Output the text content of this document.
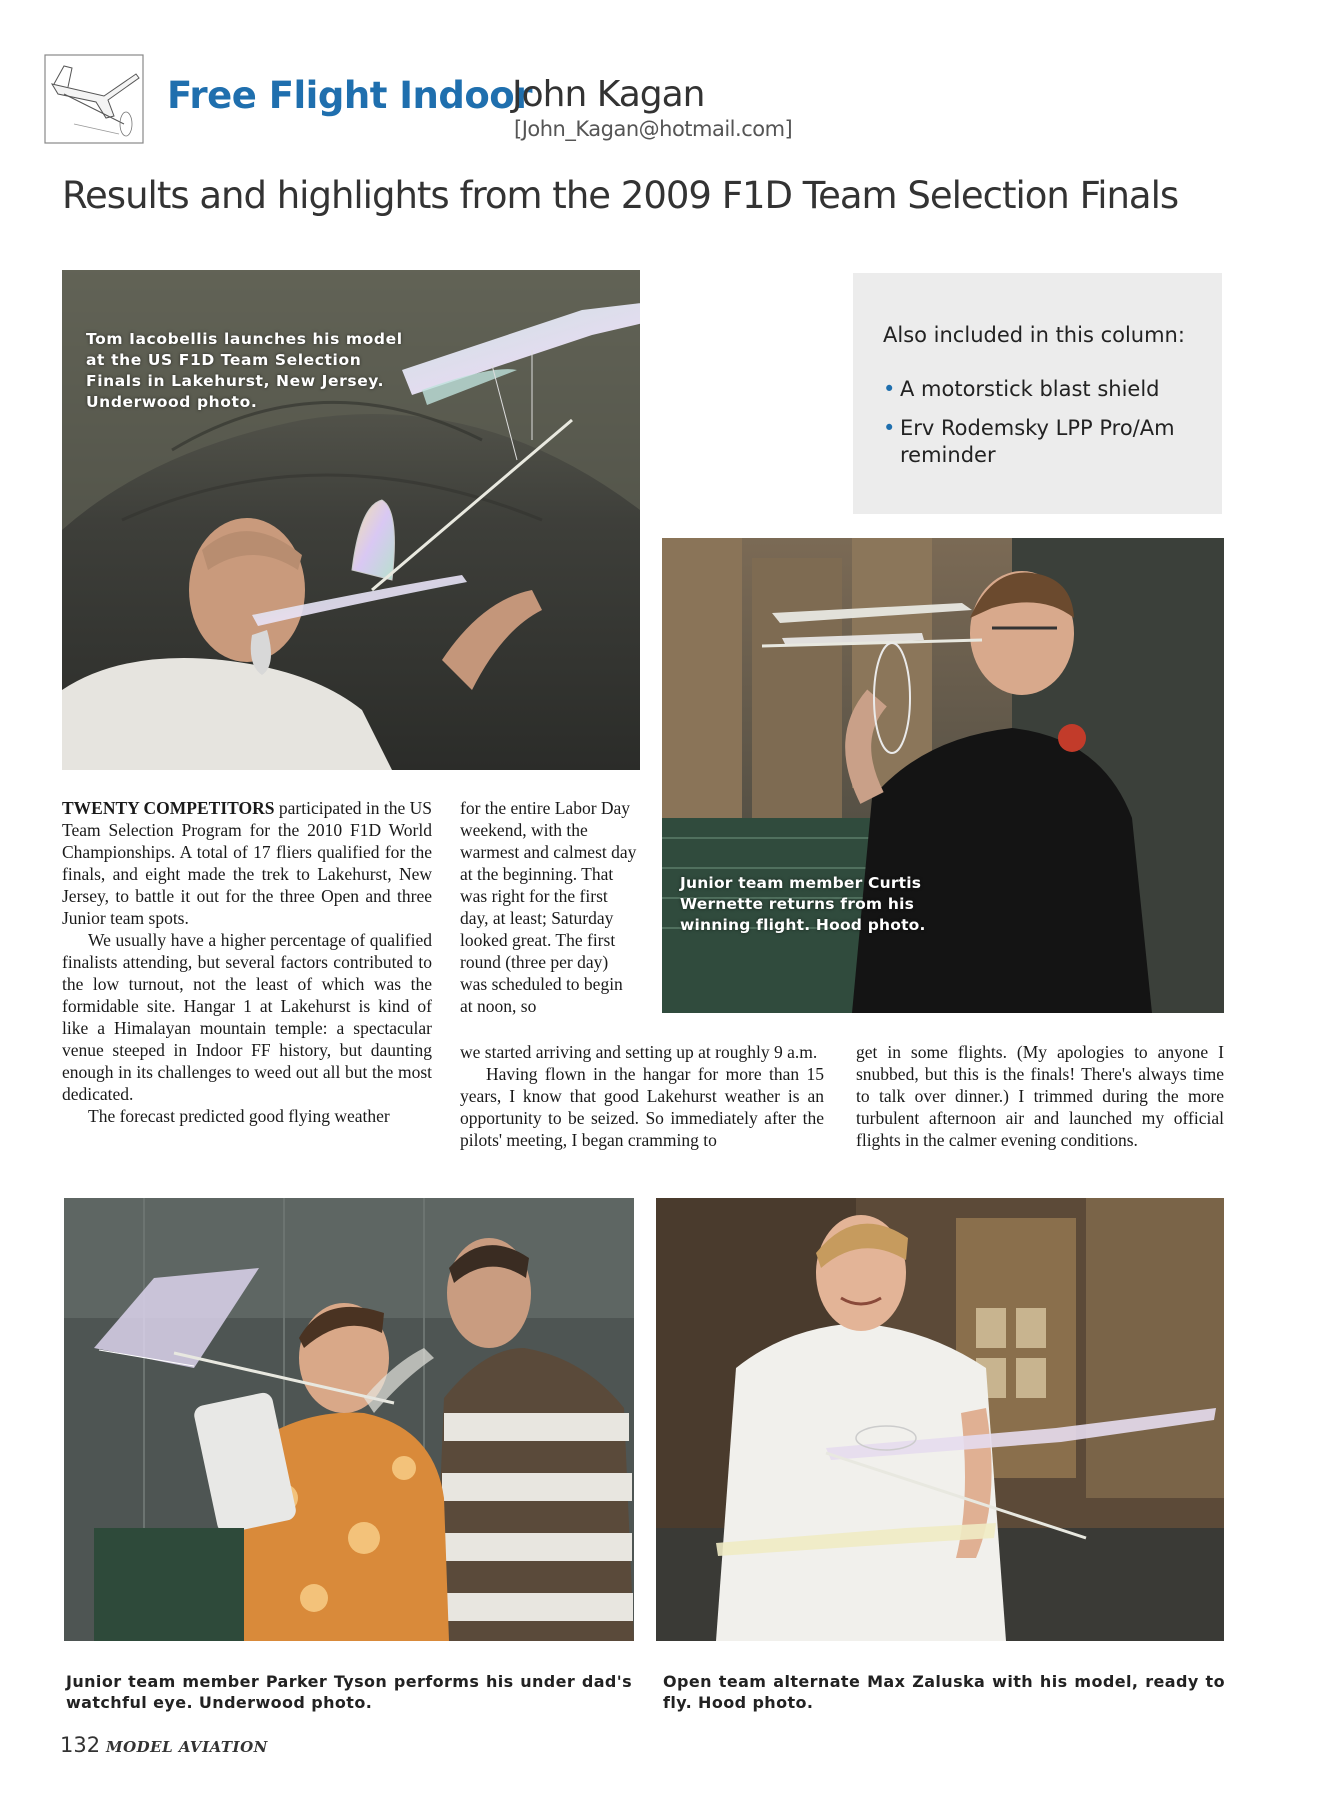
Free Flight Indoor
John Kagan
[John_Kagan@hotmail.com]
Results and highlights from the 2009 F1D Team Selection Finals
Tom Iacobellis launches his model at the US F1D Team Selection Finals in Lakehurst, New Jersey. Underwood photo.
Also included in this column:
• A motorstick blast shield
• Erv Rodemsky LPP Pro/Am reminder
Junior team member Curtis Wernette returns from his winning flight. Hood photo.

TWENTY COMPETITORS participated in the US Team Selection Program for the 2010 F1D World Championships. A total of 17 fliers qualified for the finals, and eight made the trek to Lakehurst, New Jersey, to battle it out for the three Open and three Junior team spots.

We usually have a higher percentage of qualified finalists attending, but several factors contributed to the low turnout, not the least of which was the formidable site. Hangar 1 at Lakehurst is kind of like a Himalayan mountain temple: a spectacular venue steeped in Indoor FF history, but daunting enough in its challenges to weed out all but the most dedicated.

The forecast predicted good flying weather

for the entire Labor Day weekend, with the warmest and calmest day at the beginning. That was right for the first day, at least; Saturday looked great. The first round (three per day) was scheduled to begin at noon, so

we started arriving and setting up at roughly 9 a.m.

Having flown in the hangar for more than 15 years, I know that good Lakehurst weather is an opportunity to be seized. So immediately after the pilots' meeting, I began cramming to

get in some flights. (My apologies to anyone I snubbed, but this is the finals! There's always time to talk over dinner.) I trimmed during the more turbulent afternoon air and launched my official flights in the calmer evening conditions.

Junior team member Parker Tyson performs his under dad's watchful eye. Underwood photo.
Open team alternate Max Zaluska with his model, ready to fly. Hood photo.
132 MODEL AVIATION
